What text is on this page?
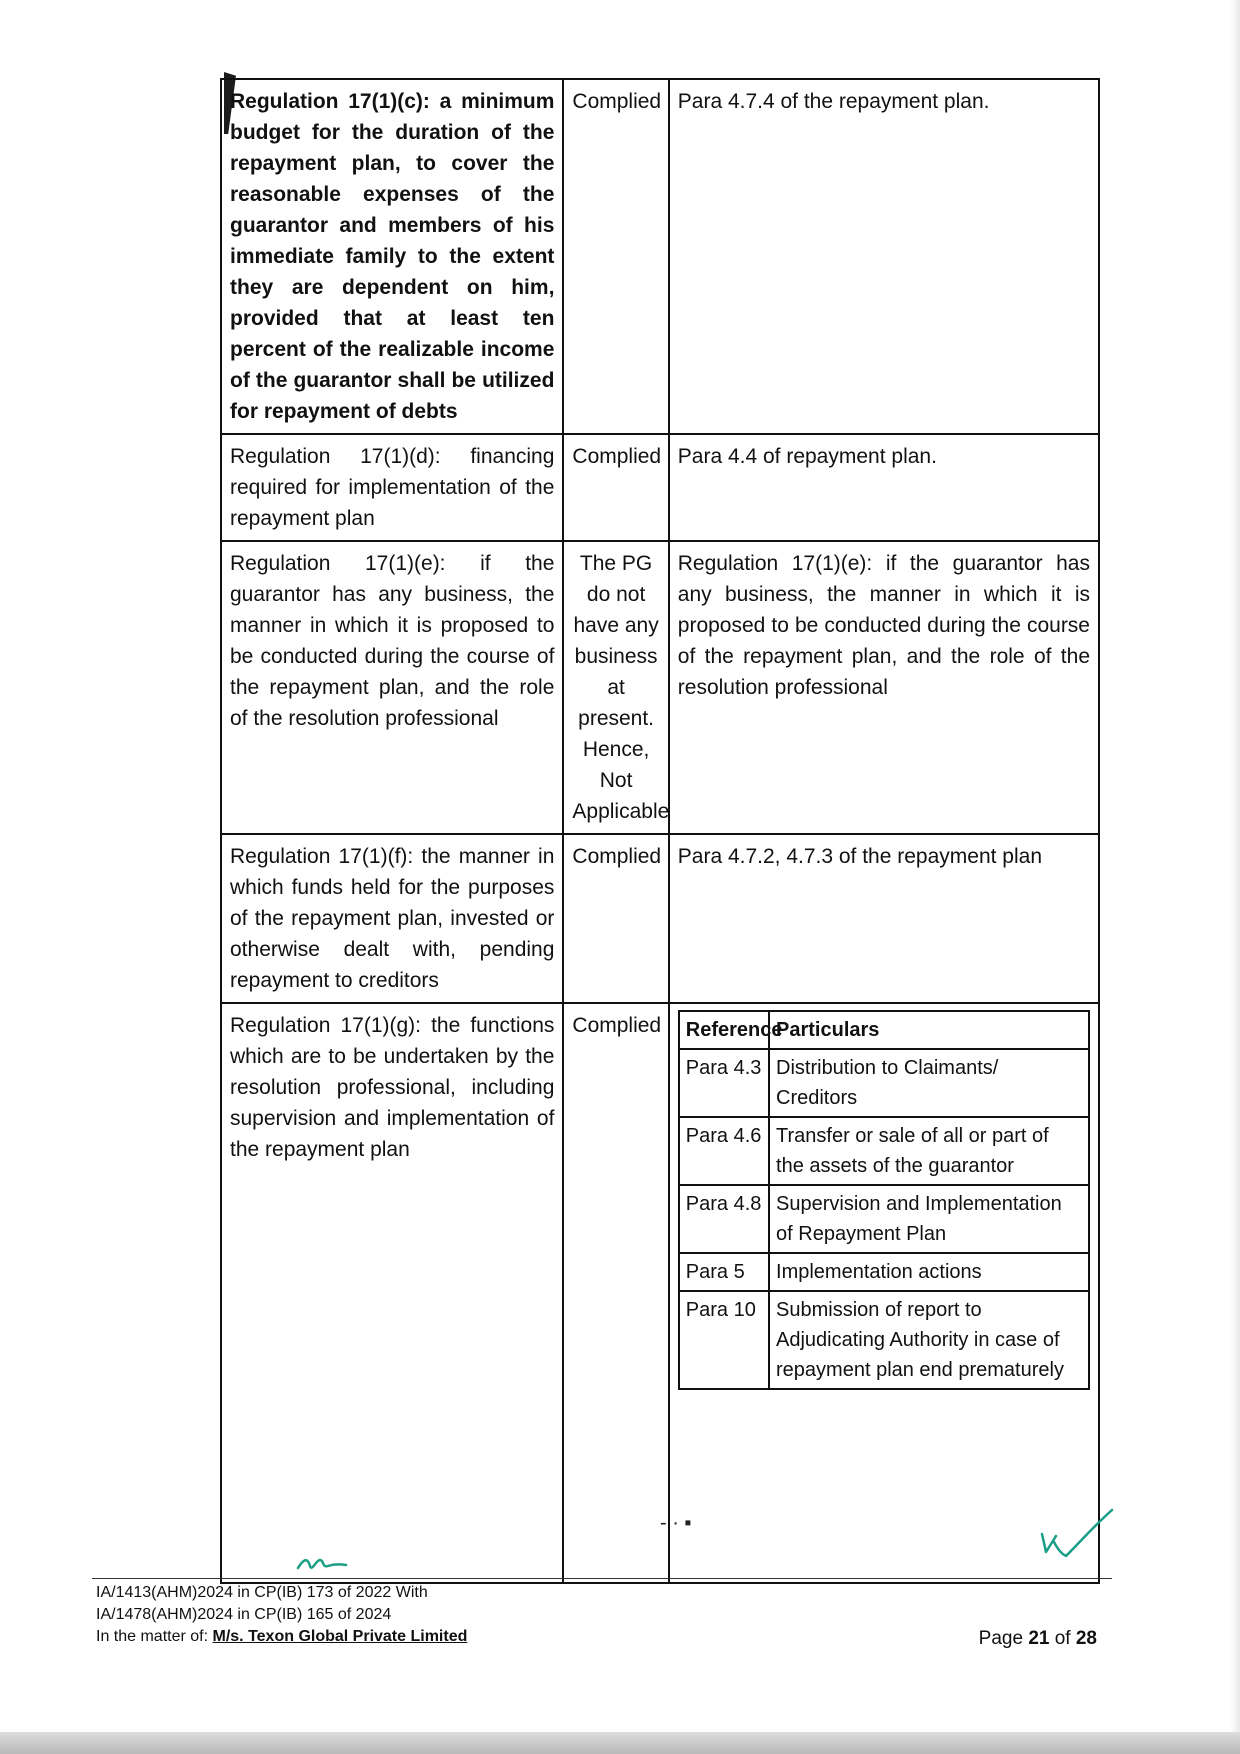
Regulation 17(1)(c): a minimum budget for the duration of the repayment plan, to cover the reasonable expenses of the guarantor and members of his immediate family to the extent they are dependent on him, provided that at least ten percent of the realizable income of the guarantor shall be utilized for repayment of debts	Complied	Para 4.7.4 of the repayment plan.
Regulation 17(1)(d): financing required for implementation of the repayment plan	Complied	Para 4.4 of repayment plan.
Regulation 17(1)(e): if the guarantor has any business, the manner in which it is proposed to be conducted during the course of the repayment plan, and the role of the resolution professional	The PG do not have any business at present. Hence, Not Applicable	Regulation 17(1)(e): if the guarantor has any business, the manner in which it is proposed to be conducted during the course of the repayment plan, and the role of the resolution professional
Regulation 17(1)(f): the manner in which funds held for the purposes of the repayment plan, invested or otherwise dealt with, pending repayment to creditors	Complied	Para 4.7.2, 4.7.3 of the repayment plan
Regulation 17(1)(g): the functions which are to be undertaken by the resolution professional, including supervision and implementation of the repayment plan	Complied	Reference	Particulars
Para 4.3	Distribution to Claimants/ Creditors
Para 4.6	Transfer or sale of all or part of the assets of the guarantor
Para 4.8	Supervision and Implementation of Repayment Plan
Para 5	Implementation actions
Para 10	Submission of report to Adjudicating Authority in case of repayment plan end prematurely
- · ▪
IA/1413(AHM)2024 in CP(IB) 173 of 2022 With
IA/1478(AHM)2024 in CP(IB) 165 of 2024
In the matter of: M/s. Texon Global Private Limited	Page 21 of 28
